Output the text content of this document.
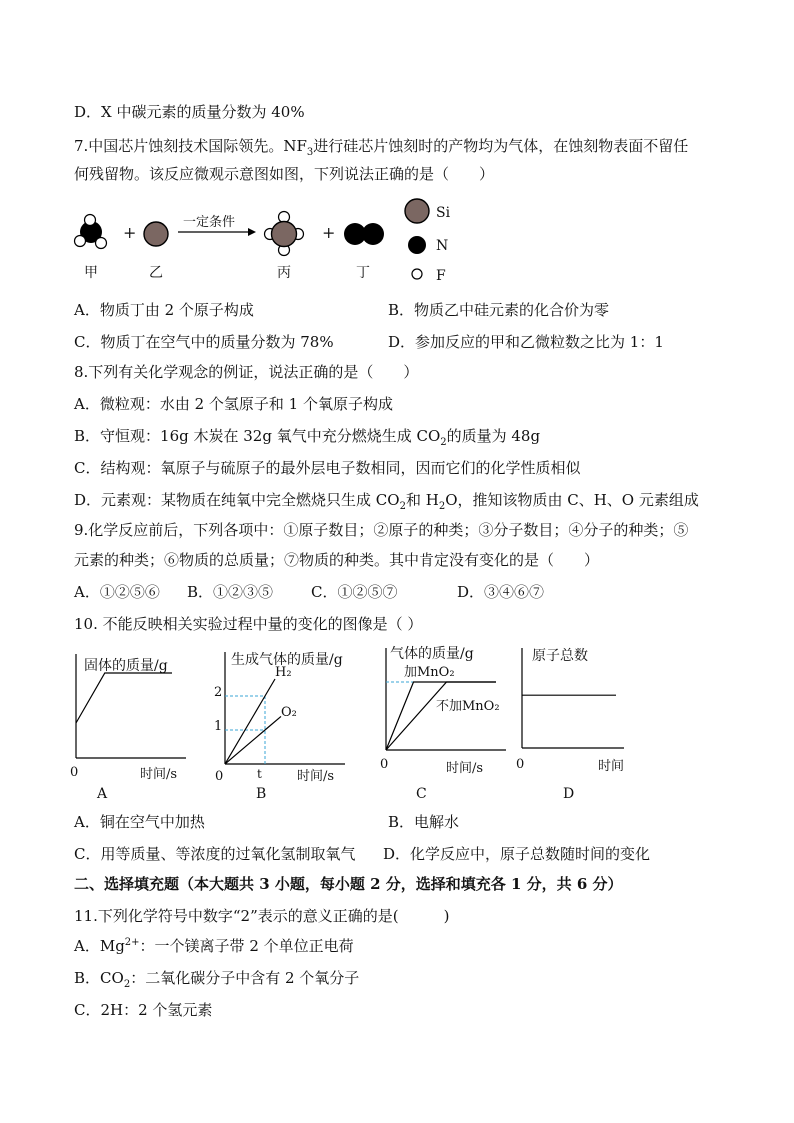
D．X 中碳元素的质量分数为 40%
7.中国芯片蚀刻技术国际领先。$NF_3$进行硅芯片蚀刻时的产物均为气体，在蚀刻物表面不留任
何残留物。该反应微观示意图如图，下列说法正确的是（　　）
+
一定条件
+
Si
N
F
甲	乙	丙	丁
A．物质丁由 2 个原子构成	B．物质乙中硅元素的化合价为零
C．物质丁在空气中的质量分数为 78%	D．参加反应的甲和乙微粒数之比为 1：1
8.下列有关化学观念的例证，说法正确的是（　　）
A．微粒观：水由 2 个氢原子和 1 个氧原子构成
B．守恒观：16g 木炭在 32g 氧气中充分燃烧生成 $CO_2$的质量为 48g
C．结构观：氧原子与硫原子的最外层电子数相同，因而它们的化学性质相似
D．元素观：某物质在纯氧中完全燃烧只生成 $CO_2$和 $H_2O$，推知该物质由 C、H、O 元素组成
9.化学反应前后，下列各项中：①原子数目；②原子的种类；③分子数目；④分子的种类；⑤
元素的种类；⑥物质的总质量；⑦物质的种类。其中肯定没有变化的是（　　）
A．①②⑤⑥ B．①②③⑤	C．①②⑤⑦	D．③④⑥⑦
10. 不能反映相关实验过程中量的变化的图像是（ ）
固体的质量/g
0	时间/s
A
生成气体的质量/g
0	时间/s
t
2
1
H₂
O₂
B
气体的质量/g
0	时间/s
加MnO₂
不加MnO₂
C
原子总数
0	时间
D
A．铜在空气中加热	B．电解水
C．用等质量、等浓度的过氧化氢制取氧气 D．化学反应中，原子总数随时间的变化
二、选择填充题（本大题共 3 小题，每小题 2 分，选择和填充各 1 分，共 6 分）
11.下列化学符号中数字“2”表示的意义正确的是(　　　)
A．$Mg^{2+}$：一个镁离子带 2 个单位正电荷
B．$CO_2$：二氧化碳分子中含有 2 个氧分子
C．2H：2 个氢元素
